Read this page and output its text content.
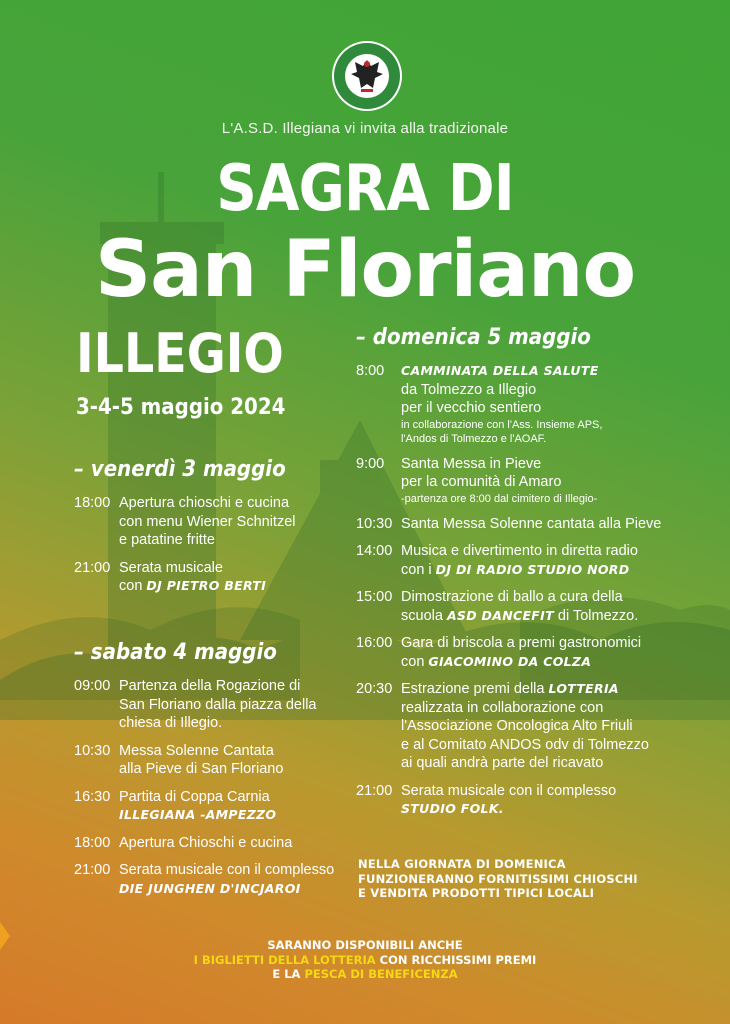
L'A.S.D. Illegiana vi invita alla tradizionale
SAGRA DI
San Floriano
ILLEGIO
3-4-5 maggio 2024
– venerdì 3 maggio
18:00 Apertura chioschi e cucina
con menu Wiener Schnitzel
e patatine fritte
21:00 Serata musicale
con DJ PIETRO BERTI
– sabato 4 maggio
09:00 Partenza della Rogazione di
San Floriano dalla piazza della
chiesa di Illegio.
10:30 Messa Solenne Cantata
alla Pieve di San Floriano
16:30 Partita di Coppa Carnia
ILLEGIANA -AMPEZZO
18:00 Apertura Chioschi e cucina
21:00 Serata musicale con il complesso
DIE JUNGHEN D'INCJAROI
– domenica 5 maggio
8:00	CAMMINATA DELLA SALUTE
da Tolmezzo a Illegio
per il vecchio sentiero
in collaborazione con l'Ass. Insieme APS,
l'Andos di Tolmezzo e l'AOAF.
9:00	Santa Messa in Pieve
per la comunità di Amaro
-partenza ore 8:00 dal cimitero di Illegio-
10:30 Santa Messa Solenne cantata alla Pieve
14:00 Musica e divertimento in diretta radio
con i DJ DI RADIO STUDIO NORD
15:00 Dimostrazione di ballo a cura della
scuola ASD DANCEFIT di Tolmezzo.
16:00 Gara di briscola a premi gastronomici
con GIACOMINO DA COLZA
20:30 Estrazione premi della LOTTERIA
realizzata in collaborazione con
l'Associazione Oncologica Alto Friuli
e al Comitato ANDOS odv di Tolmezzo
ai quali andrà parte del ricavato
21:00 Serata musicale con il complesso
STUDIO FOLK.
NELLA GIORNATA DI DOMENICA
FUNZIONERANNO FORNITISSIMI CHIOSCHI
E VENDITA PRODOTTI TIPICI LOCALI
SARANNO DISPONIBILI ANCHE
I BIGLIETTI DELLA LOTTERIA CON RICCHISSIMI PREMI
E LA PESCA DI BENEFICENZA
